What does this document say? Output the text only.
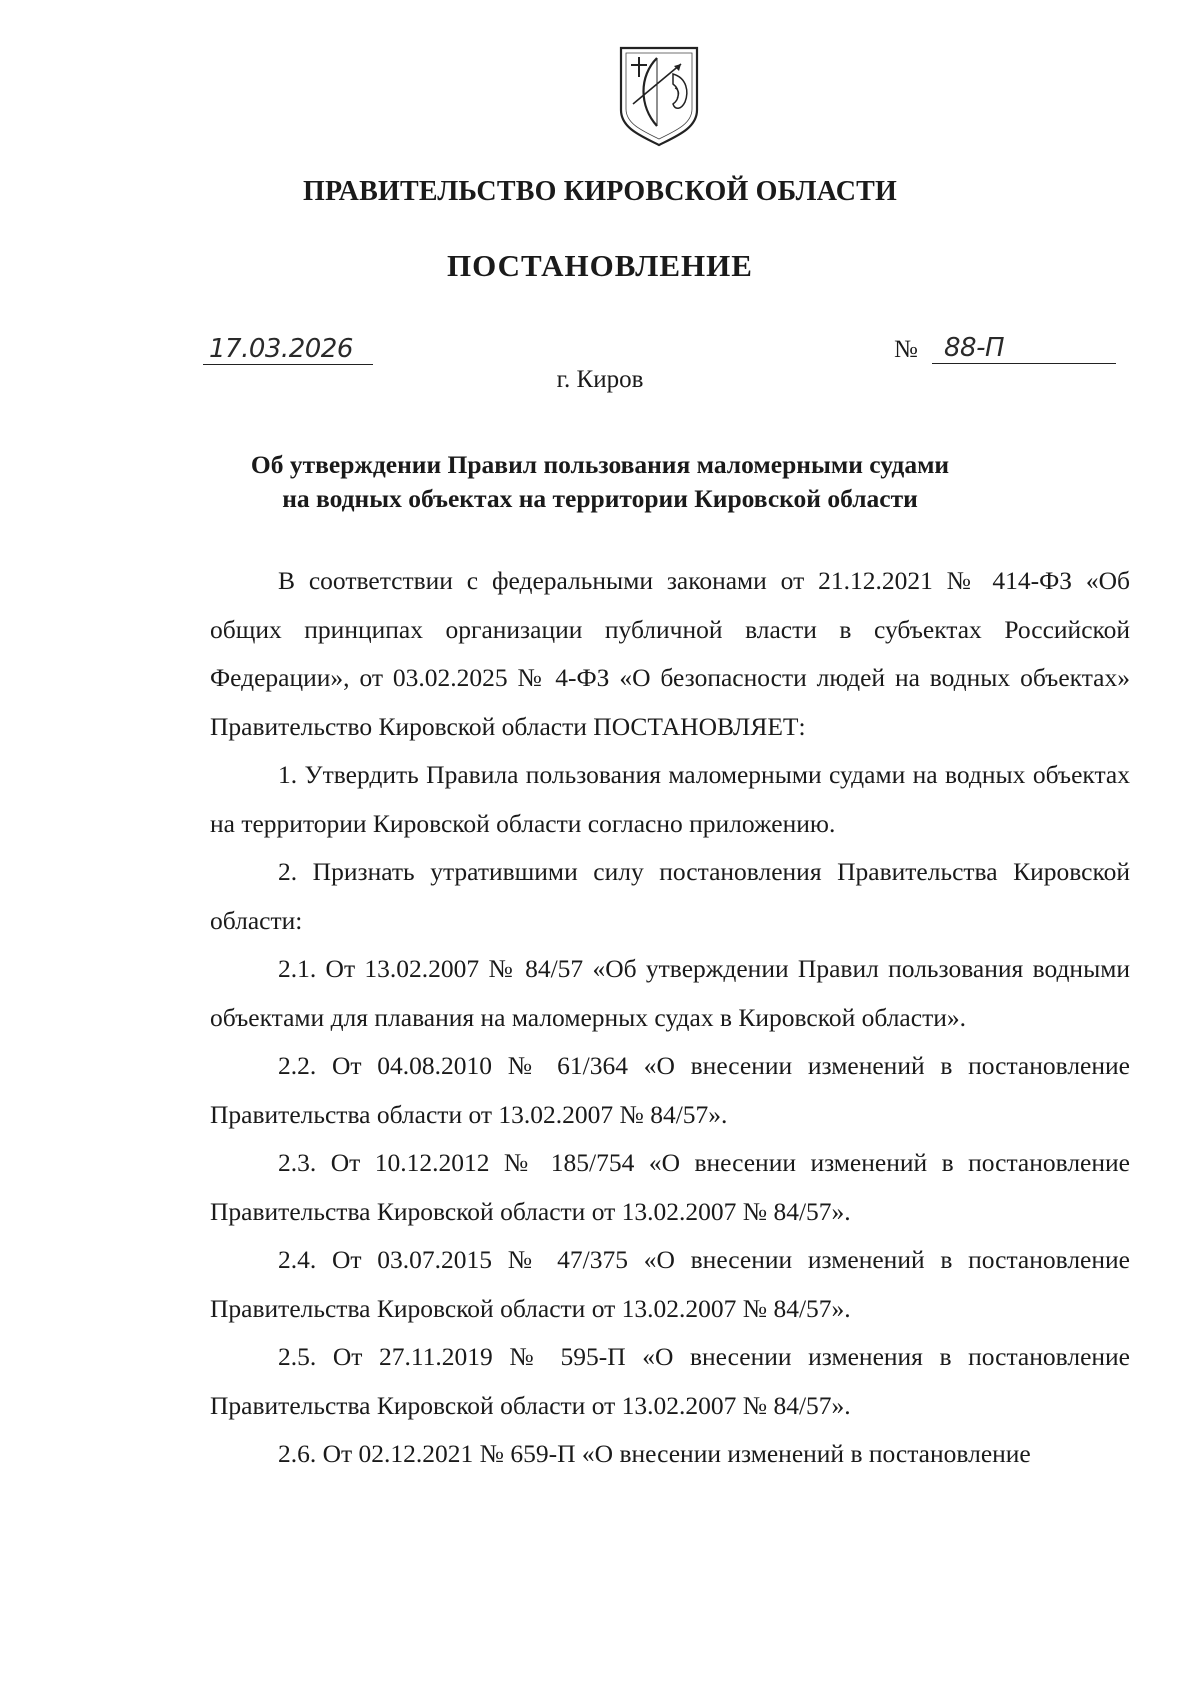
ПРАВИТЕЛЬСТВО КИРОВСКОЙ ОБЛАСТИ
ПОСТАНОВЛЕНИЕ
17.03.2026	№ 88-П
г. Киров
Об утверждении Правил пользования маломерными судами
на водных объектах на территории Кировской области

В соответствии с федеральными законами от 21.12.2021 № 414-ФЗ «Об общих принципах организации публичной власти в субъектах Российской Федерации», от 03.02.2025 № 4-ФЗ «О безопасности людей на водных объектах» Правительство Кировской области ПОСТАНОВЛЯЕТ:

1. Утвердить Правила пользования маломерными судами на водных объектах на территории Кировской области согласно приложению.

2. Признать утратившими силу постановления Правительства Кировской области:

2.1. От 13.02.2007 № 84/57 «Об утверждении Правил пользования водными объектами для плавания на маломерных судах в Кировской области».

2.2. От 04.08.2010 № 61/364 «О внесении изменений в постановление Правительства области от 13.02.2007 № 84/57».

2.3. От 10.12.2012 № 185/754 «О внесении изменений в постановление Правительства Кировской области от 13.02.2007 № 84/57».

2.4. От 03.07.2015 № 47/375 «О внесении изменений в постановление Правительства Кировской области от 13.02.2007 № 84/57».

2.5. От 27.11.2019 № 595-П «О внесении изменения в постановление Правительства Кировской области от 13.02.2007 № 84/57».

2.6. От 02.12.2021 № 659-П «О внесении изменений в постановление
